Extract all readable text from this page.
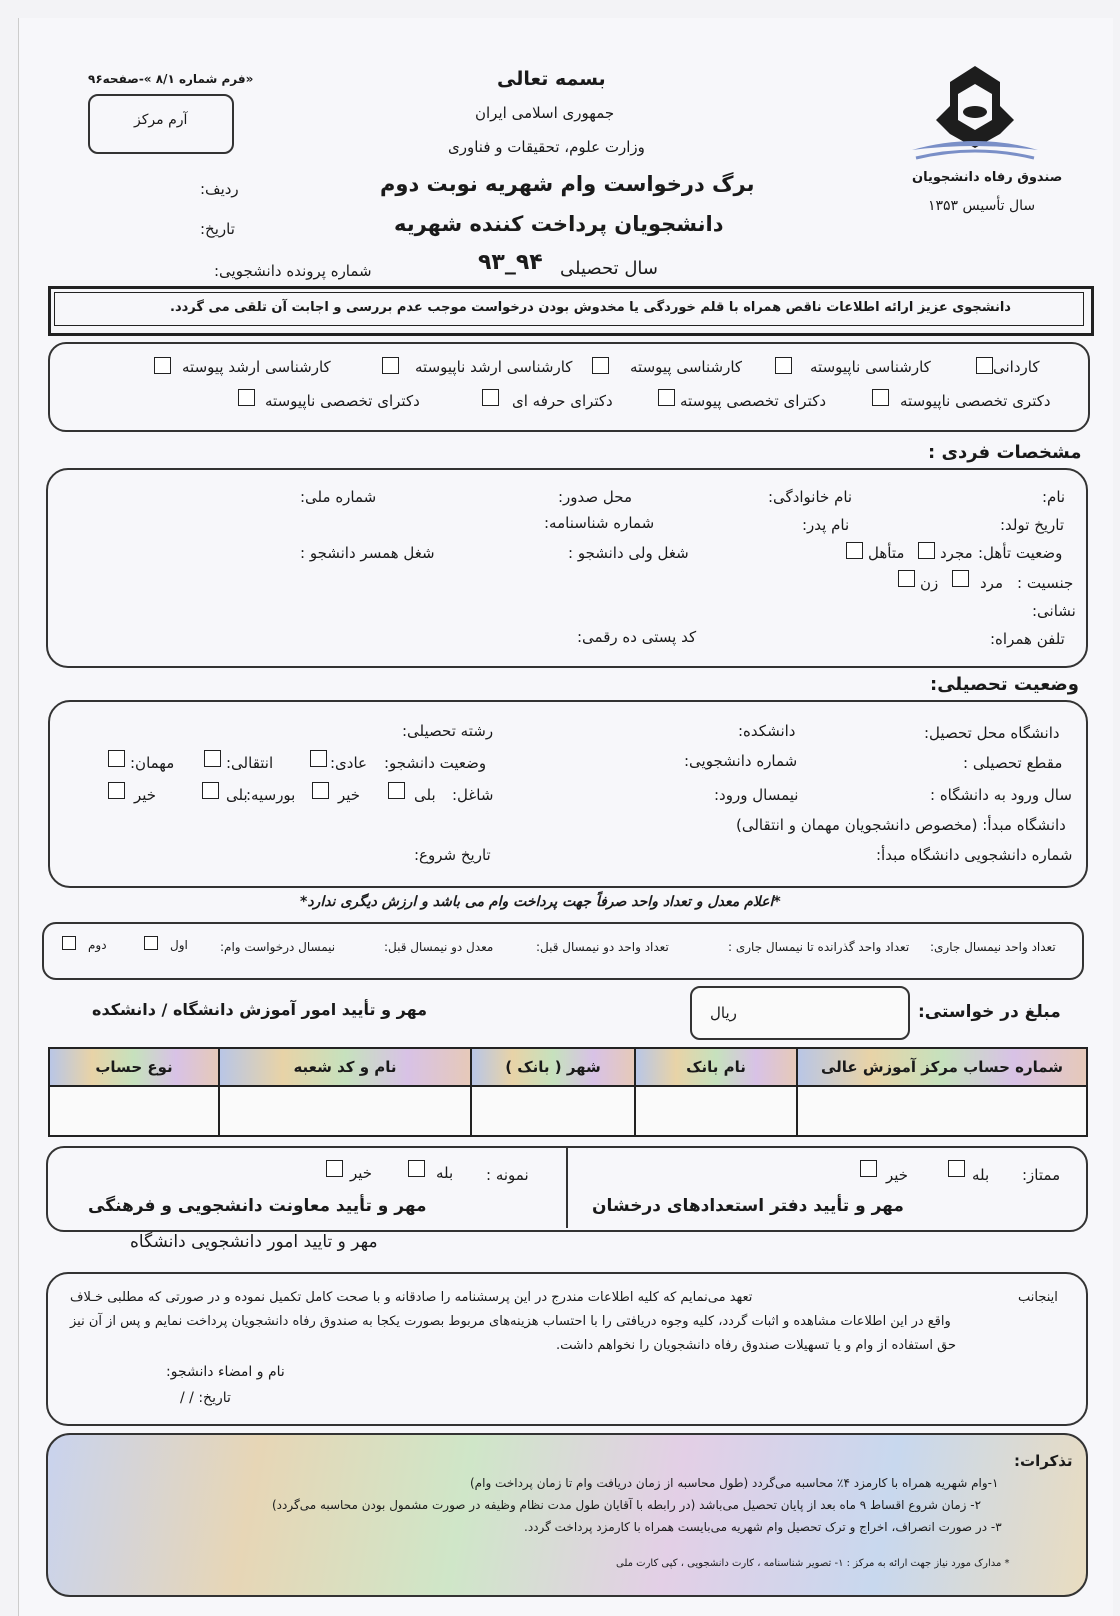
«فرم شماره ۸/۱ »-صفحه۹۶
آرم مرکز
بسمه تعالی
جمهوری اسلامی ایران
وزارت علوم، تحقیقات و فناوری
برگ درخواست وام شهریه نوبت دوم
دانشجویان پرداخت کننده شهریه
ردیف:
تاریخ:
شماره پرونده دانشجویی:	سال تحصیلی
۹۴_۹۳
صندوق رفاه دانشجویان
سال تأسیس ۱۳۵۳
دانشجوی عزیز ارائه اطلاعات ناقص همراه با قلم خوردگی یا مخدوش بودن درخواست موجب عدم بررسی و اجابت آن تلقی می گردد.
کاردانی
کارشناسی ناپیوسته
کارشناسی پیوسته
کارشناسی ارشد ناپیوسته
کارشناسی ارشد پیوسته
دکتری تخصصی ناپیوسته
دکترای تخصصی پیوسته
دکترای حرفه ای
دکترای تخصصی ناپیوسته
مشخصات فردی :
نام:
نام خانوادگی:
محل صدور:
شماره ملی:
تاریخ تولد:
نام پدر:
شماره شناسنامه:
وضعیت تأهل:
مجرد
متأهل
شغل ولی دانشجو :
شغل همسر دانشجو :
جنسیت :
مرد
زن
نشانی:
تلفن همراه:
کد پستی ده رقمی:
وضعیت تحصیلی:
دانشگاه محل تحصیل:
دانشکده:
رشته تحصیلی:
مقطع تحصیلی :
شماره دانشجویی:
وضعیت دانشجو:
عادی:
انتقالی:
مهمان:
سال ورود به دانشگاه :
نیمسال ورود:
شاغل:
بلی
خیر
بورسیه:
بلی
خیر
دانشگاه مبدأ: (مخصوص دانشجویان مهمان و انتقالی)
شماره دانشجویی دانشگاه مبدأ:
تاریخ شروع:
*اعلام معدل و تعداد واحد صرفاً جهت پرداخت وام می باشد و ارزش دیگری ندارد*
تعداد واحد نیمسال جاری:
تعداد واحد گذرانده تا نیمسال جاری :
تعداد واحد دو نیمسال قبل:
معدل دو نیمسال قبل:
نیمسال درخواست وام:
اول
دوم
مبلغ در خواستی:
ریال
مهر و تأیید امور آموزش دانشگاه / دانشکده
شماره حساب مرکز آموزش عالی	نام بانک	شهر ( بانک )	نام و کد شعبه	نوع حساب

ممتاز:
بله
خیر
مهر و تأیید دفتر استعدادهای درخشان
نمونه :
بله
خیر
مهر و تأیید معاونت دانشجویی و فرهنگی
مهر و تایید امور دانشجویی دانشگاه
اینجانب
تعهد می‌نمایم که کلیه اطلاعات مندرج در این پرسشنامه را صادقانه و با صحت کامل تکمیل نموده و در صورتی که مطلبی خـلاف
واقع در این اطلاعات مشاهده و اثبات گردد، کلیه وجوه دریافتی را با احتساب هزینه‌های مربوط بصورت یکجا به صندوق رفاه دانشجویان پرداخت نمایم و پس از آن نیز
حق استفاده از وام و یا تسهیلات صندوق رفاه دانشجویان را نخواهم داشت.
نام و امضاء دانشجو:
تاریخ: / /
تذکرات:
۱-وام شهریه همراه با کارمزد ۴٪ محاسبه می‌گردد (طول محاسبه از زمان دریافت وام تا زمان پرداخت وام)
۲- زمان شروع اقساط ۹ ماه بعد از پایان تحصیل می‌باشد (در رابطه با آقایان طول مدت نظام وظیفه در صورت مشمول بودن محاسبه می‌گردد)
۳- در صورت انصراف، اخراج و ترک تحصیل وام شهریه می‌بایست همراه با کارمزد پرداخت گردد.
* مدارک مورد نیاز جهت ارائه به مرکز : ۱- تصویر شناسنامه ، کارت دانشجویی ، کپی کارت ملی
